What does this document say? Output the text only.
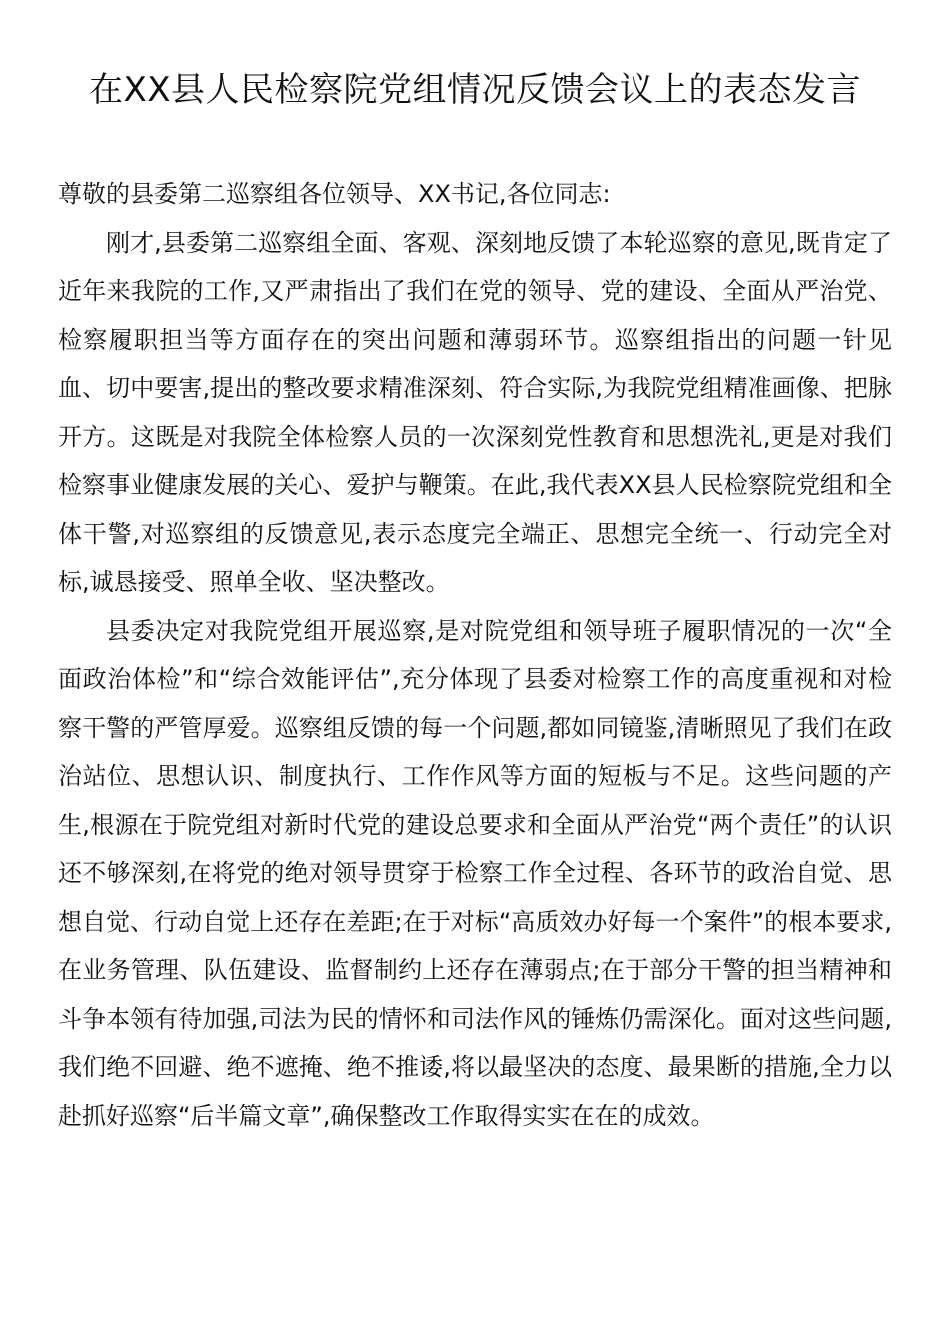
在XX县人民检察院党组情况反馈会议上的表态发言

尊敬的县委第二巡察组各位领导、XX书记,各位同志:

刚才,县委第二巡察组全面、客观、深刻地反馈了本轮巡察的意见,既肯定了近年来我院的工作,又严肃指出了我们在党的领导、党的建设、全面从严治党、检察履职担当等方面存在的突出问题和薄弱环节。巡察组指出的问题一针见血、切中要害,提出的整改要求精准深刻、符合实际,为我院党组精准画像、把脉开方。这既是对我院全体检察人员的一次深刻党性教育和思想洗礼,更是对我们检察事业健康发展的关心、爱护与鞭策。在此,我代表XX县人民检察院党组和全体干警,对巡察组的反馈意见,表示态度完全端正、思想完全统一、行动完全对标,诚恳接受、照单全收、坚决整改。

县委决定对我院党组开展巡察,是对院党组和领导班子履职情况的一次“全面政治体检”和“综合效能评估”,充分体现了县委对检察工作的高度重视和对检察干警的严管厚爱。巡察组反馈的每一个问题,都如同镜鉴,清晰照见了我们在政治站位、思想认识、制度执行、工作作风等方面的短板与不足。这些问题的产生,根源在于院党组对新时代党的建设总要求和全面从严治党“两个责任”的认识还不够深刻,在将党的绝对领导贯穿于检察工作全过程、各环节的政治自觉、思想自觉、行动自觉上还存在差距;在于对标“高质效办好每一个案件”的根本要求,在业务管理、队伍建设、监督制约上还存在薄弱点;在于部分干警的担当精神和斗争本领有待加强,司法为民的情怀和司法作风的锤炼仍需深化。面对这些问题,我们绝不回避、绝不遮掩、绝不推诿,将以最坚决的态度、最果断的措施,全力以赴抓好巡察“后半篇文章”,确保整改工作取得实实在在的成效。
